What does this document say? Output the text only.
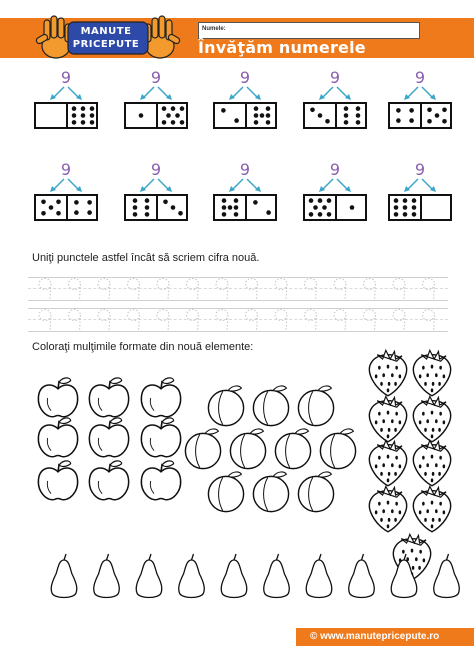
MANUTE
PRICEPUTE
Numele:
Învăţăm numerele
9	9	9	9	9
9	9	9	9	9
Uniţi punctele astfel încât să scriem cifra nouă.
Coloraţi mulţimile formate din nouă elemente:
© www.manutepricepute.ro
